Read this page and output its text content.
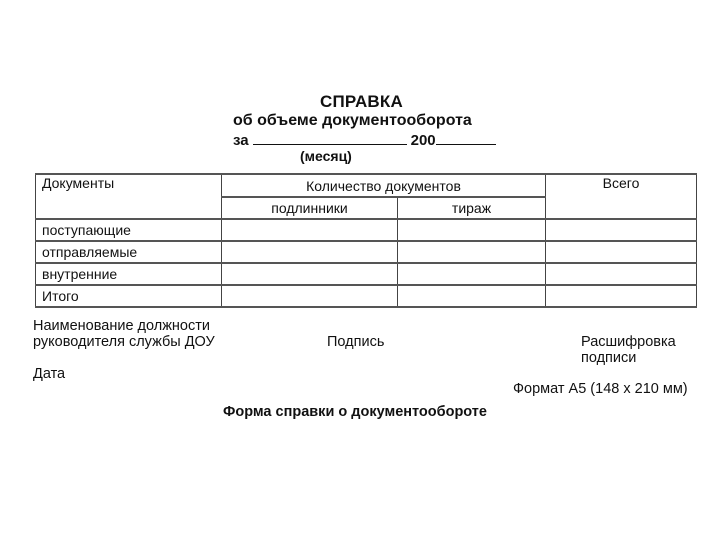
СПРАВКА
об объеме документооборота
за	200
(месяц)
Документы	Количество документов		Всего
	подлинники	тираж	
поступающие			
отправляемые			
внутренние			
Итого			
Наименование должности
руководителя службы ДОУ	Подпись	Расшифровка
подписи
Дата
Формат А5 (148 х 210 мм)
Форма справки о документообороте
